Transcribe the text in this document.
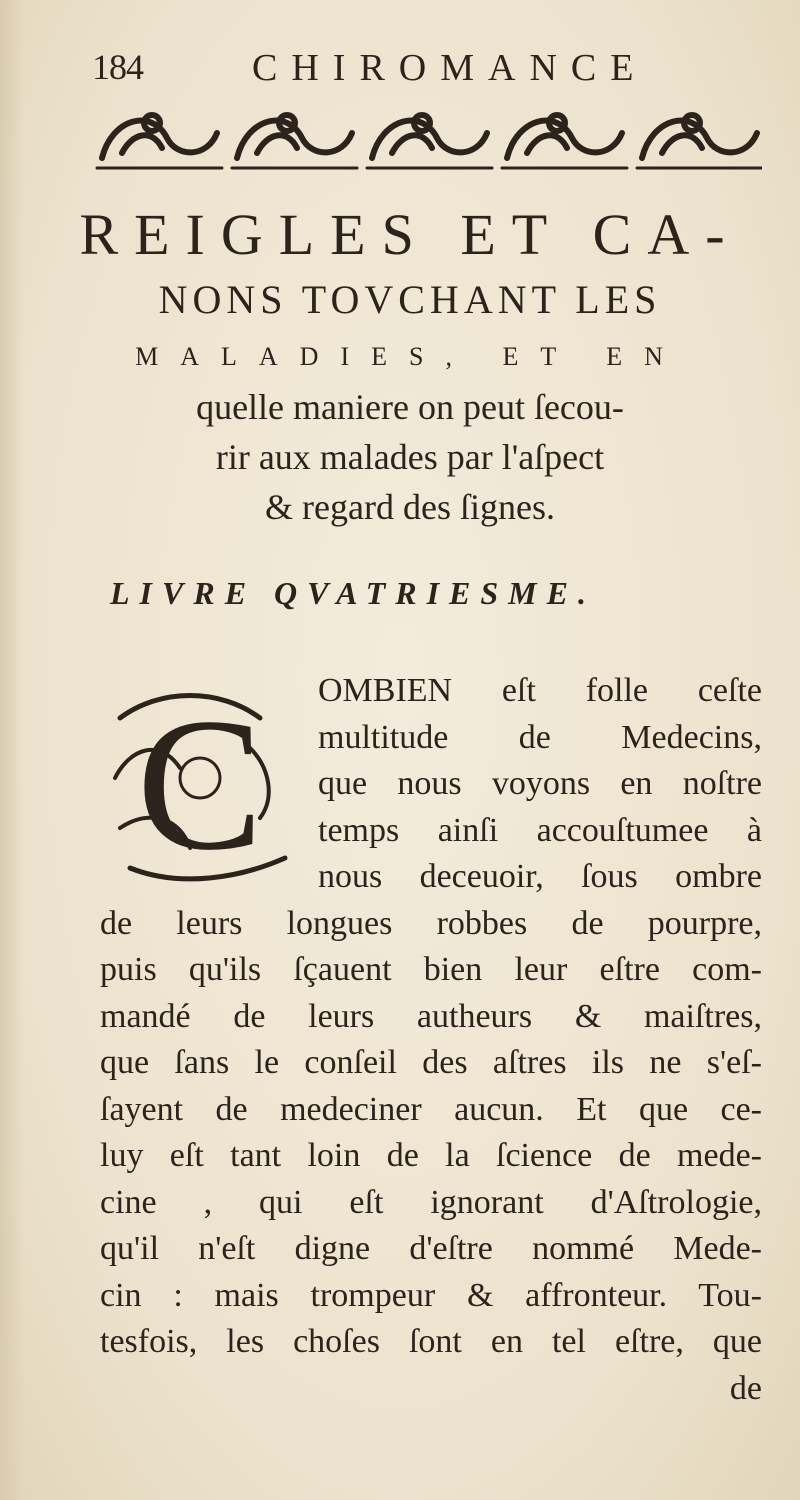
184	CHIROMANCE
REIGLES ET CA-
NONS TOVCHANT LES
MALADIES, ET EN
quelle maniere on peut ſecou-
rir aux malades par l'aſpect
& regard des ſignes.
LIVRE QVATRIESME.
C OMBIEN eſt folle ceſte
multitude de Medecins,
que nous voyons en noſtre
temps ainſi accouſtumee à
nous deceuoir, ſous ombre
de leurs longues robbes de pourpre,
puis qu'ils ſçauent bien leur eſtre com-
mandé de leurs autheurs & maiſtres,
que ſans le conſeil des aſtres ils ne s'eſ-
ſayent de medeciner aucun. Et que ce-
luy eſt tant loin de la ſcience de mede-
cine , qui eſt ignorant d'Aſtrologie,
qu'il n'eſt digne d'eſtre nommé Mede-
cin : mais trompeur & affronteur. Tou-
tesfois, les choſes ſont en tel eſtre, que
de
